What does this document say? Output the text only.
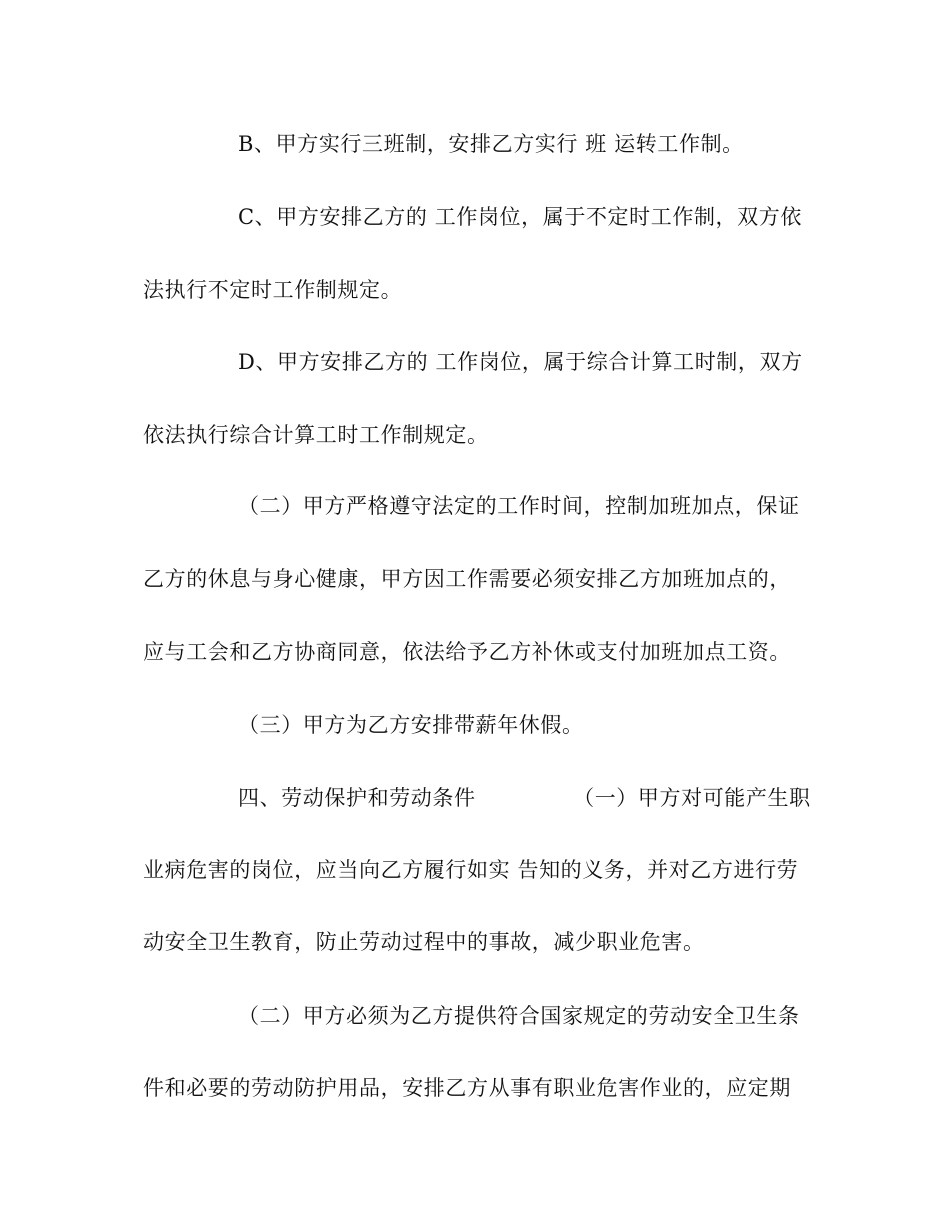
B、甲方实行三班制，安排乙方实行 班 运转工作制。
C、甲方安排乙方的 工作岗位，属于不定时工作制，双方依
法执行不定时工作制规定。
D、甲方安排乙方的 工作岗位，属于综合计算工时制，双方
依法执行综合计算工时工作制规定。
（二）甲方严格遵守法定的工作时间，控制加班加点，保证
乙方的休息与身心健康，甲方因工作需要必须安排乙方加班加点的，
应与工会和乙方协商同意，依法给予乙方补休或支付加班加点工资。
（三）甲方为乙方安排带薪年休假。
四、劳动保护和劳动条件　　　　　（一）甲方对可能产生职
业病危害的岗位，应当向乙方履行如实 告知的义务，并对乙方进行劳
动安全卫生教育，防止劳动过程中的事故，减少职业危害。
（二）甲方必须为乙方提供符合国家规定的劳动安全卫生条
件和必要的劳动防护用品，安排乙方从事有职业危害作业的，应定期
